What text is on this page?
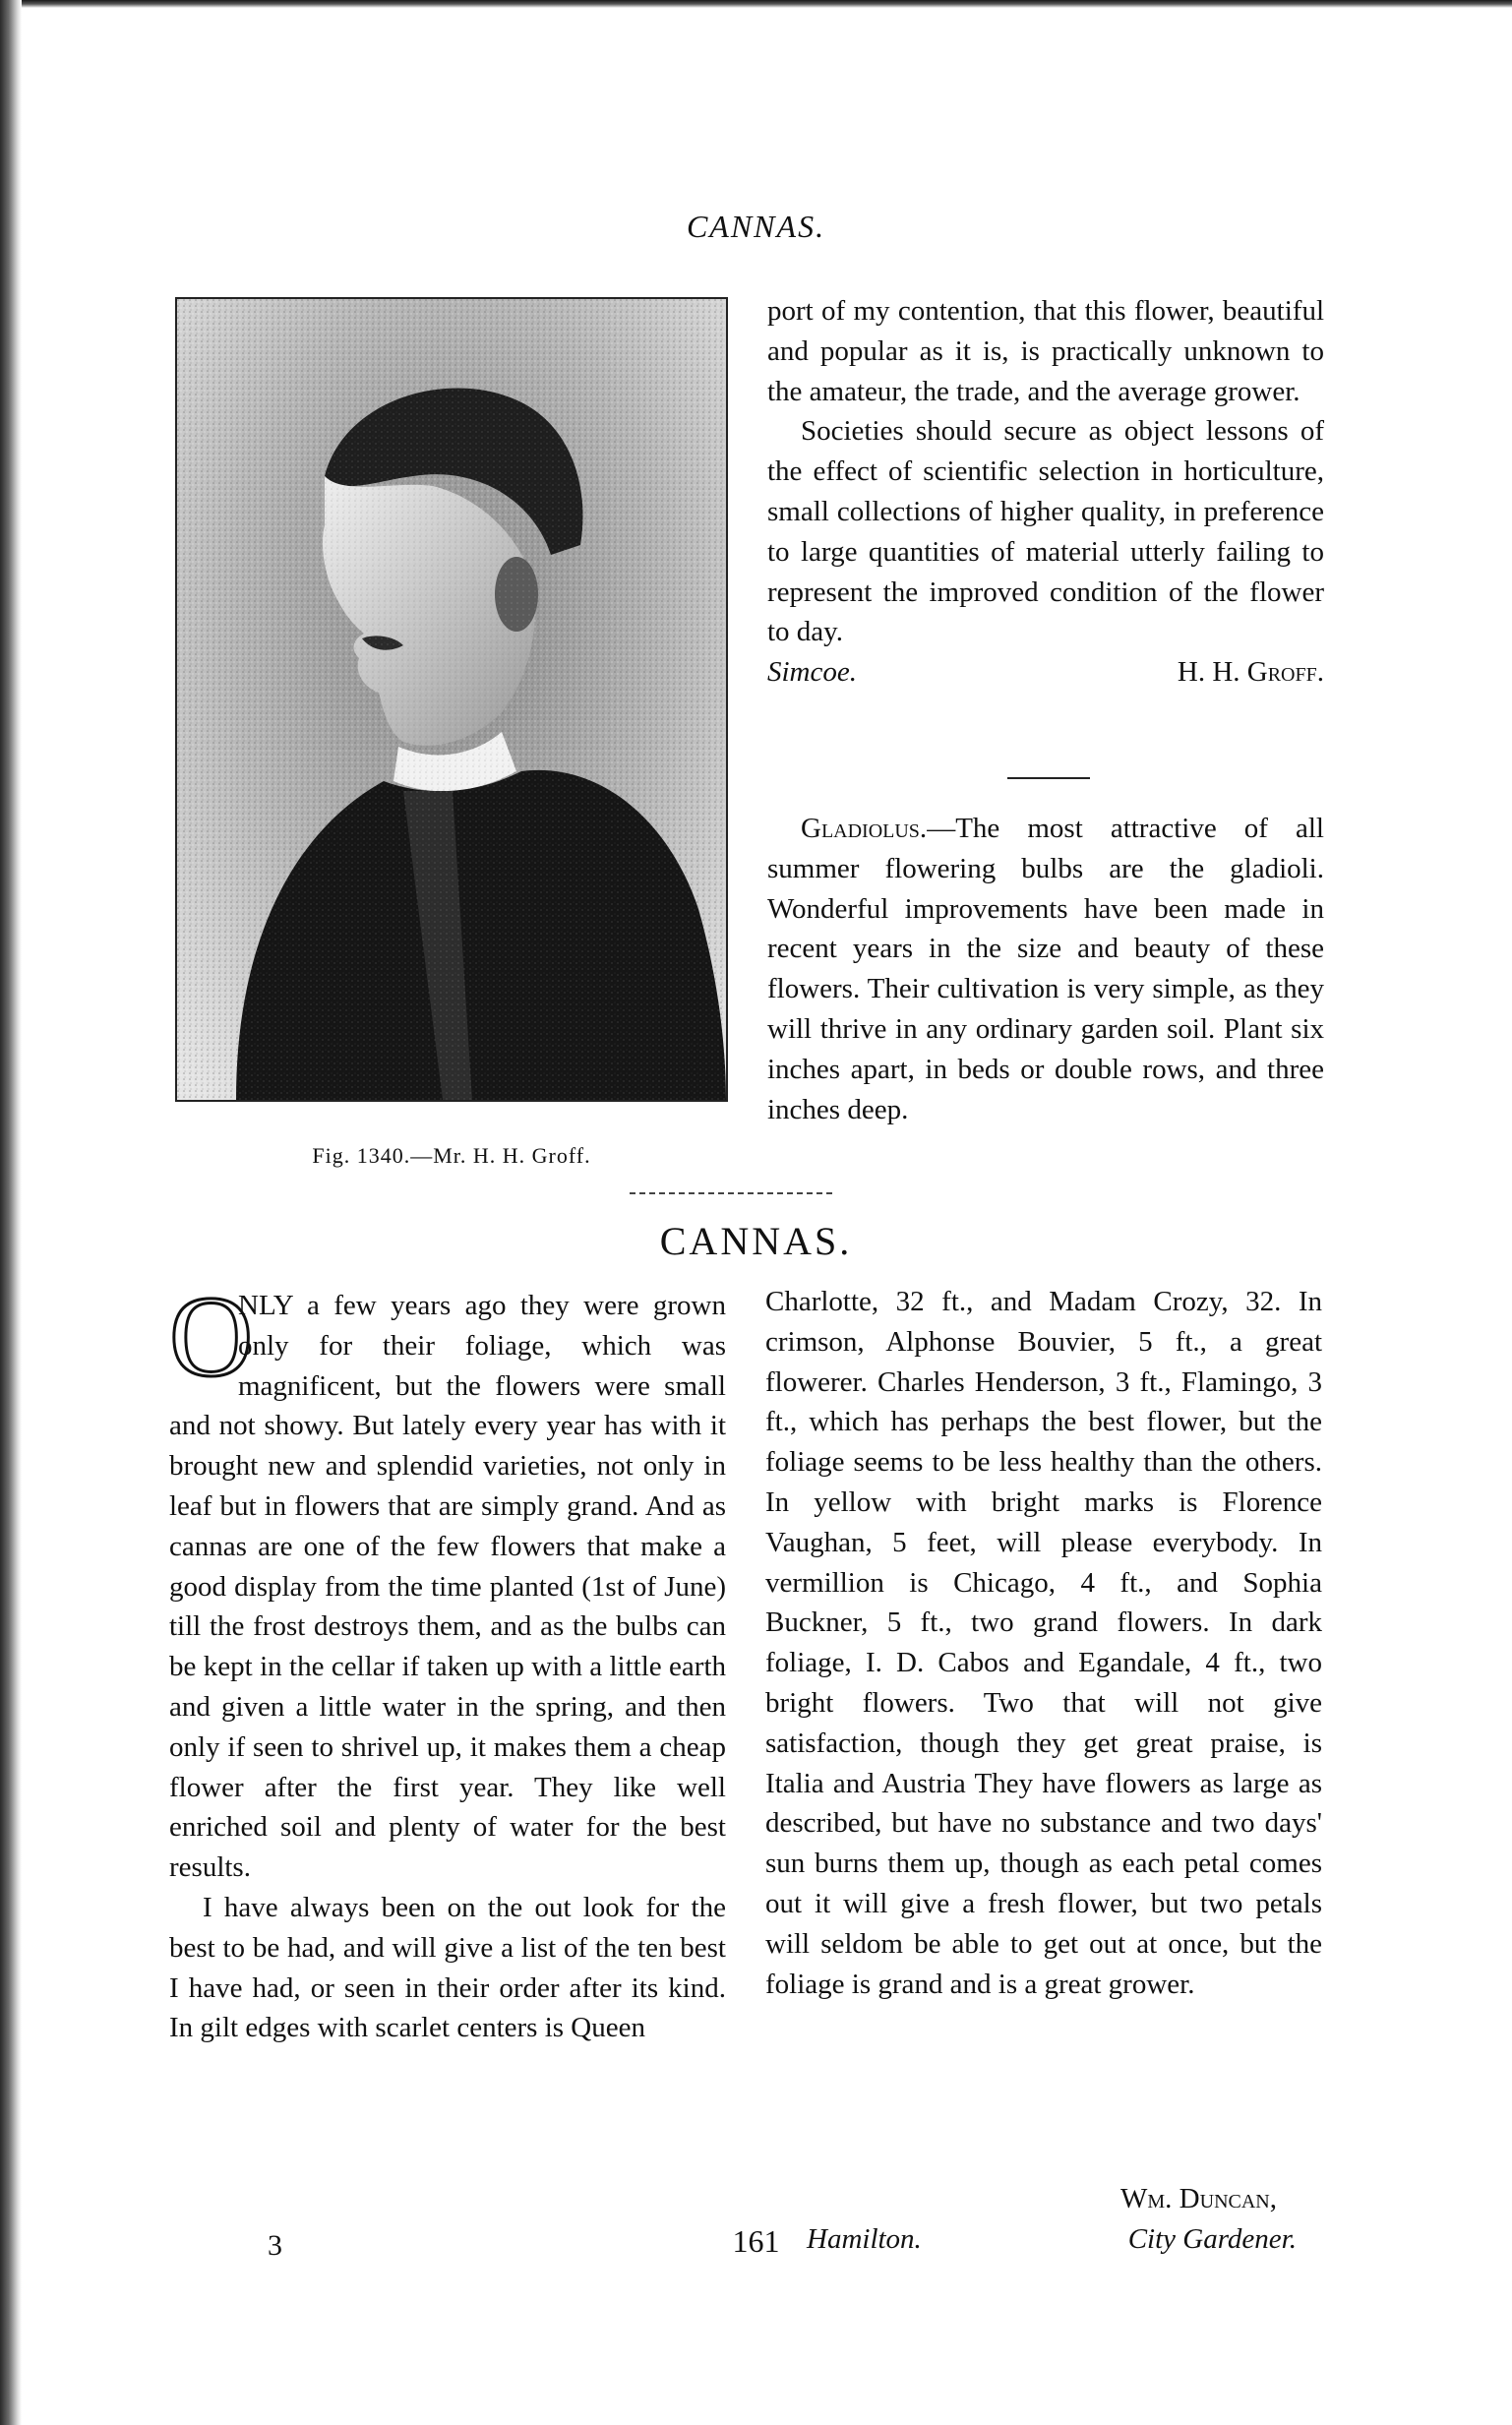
CANNAS.
Fig. 1340.—Mr. H. H. Groff.

port of my contention, that this flower, beautiful and popular as it is, is practically unknown to the amateur, the trade, and the average grower.

Societies should secure as object lessons of the effect of scientific selection in horticulture, small collections of higher quality, in preference to large quantities of material utterly failing to represent the improved condition of the flower to day.

Simcoe.	H. H. Groff.

Gladiolus.—The most attractive of all summer flowering bulbs are the gladioli. Wonderful improvements have been made in recent years in the size and beauty of these flowers. Their cultivation is very simple, as they will thrive in any ordinary garden soil. Plant six inches apart, in beds or double rows, and three inches deep.

CANNAS.

O
NLY a few years ago they were grown only for their foliage, which was magnificent, but the flowers were small and not showy. But lately every year has with it brought new and splendid varieties, not only in leaf but in flowers that are simply grand. And as cannas are one of the few flowers that make a good display from the time planted (1st of June) till the frost destroys them, and as the bulbs can be kept in the cellar if taken up with a little earth and given a little water in the spring, and then only if seen to shrivel up, it makes them a cheap flower after the first year. They like well enriched soil and plenty of water for the best results.

I have always been on the out look for the best to be had, and will give a list of the ten best I have had, or seen in their order after its kind. In gilt edges with scarlet centers is Queen

Charlotte, 32 ft., and Madam Crozy, 32. In crimson, Alphonse Bouvier, 5 ft., a great flowerer. Charles Henderson, 3 ft., Flamingo, 3 ft., which has perhaps the best flower, but the foliage seems to be less healthy than the others. In yellow with bright marks is Florence Vaughan, 5 feet, will please everybody. In vermillion is Chicago, 4 ft., and Sophia Buckner, 5 ft., two grand flowers. In dark foliage, I. D. Cabos and Egandale, 4 ft., two bright flowers. Two that will not give satisfaction, though they get great praise, is Italia and Austria They have flowers as large as described, but have no substance and two days' sun burns them up, though as each petal comes out it will give a fresh flower, but two petals will seldom be able to get out at once, but the foliage is grand and is a great grower.

Wm. Duncan,
Hamilton.	City Gardener.
3	161
